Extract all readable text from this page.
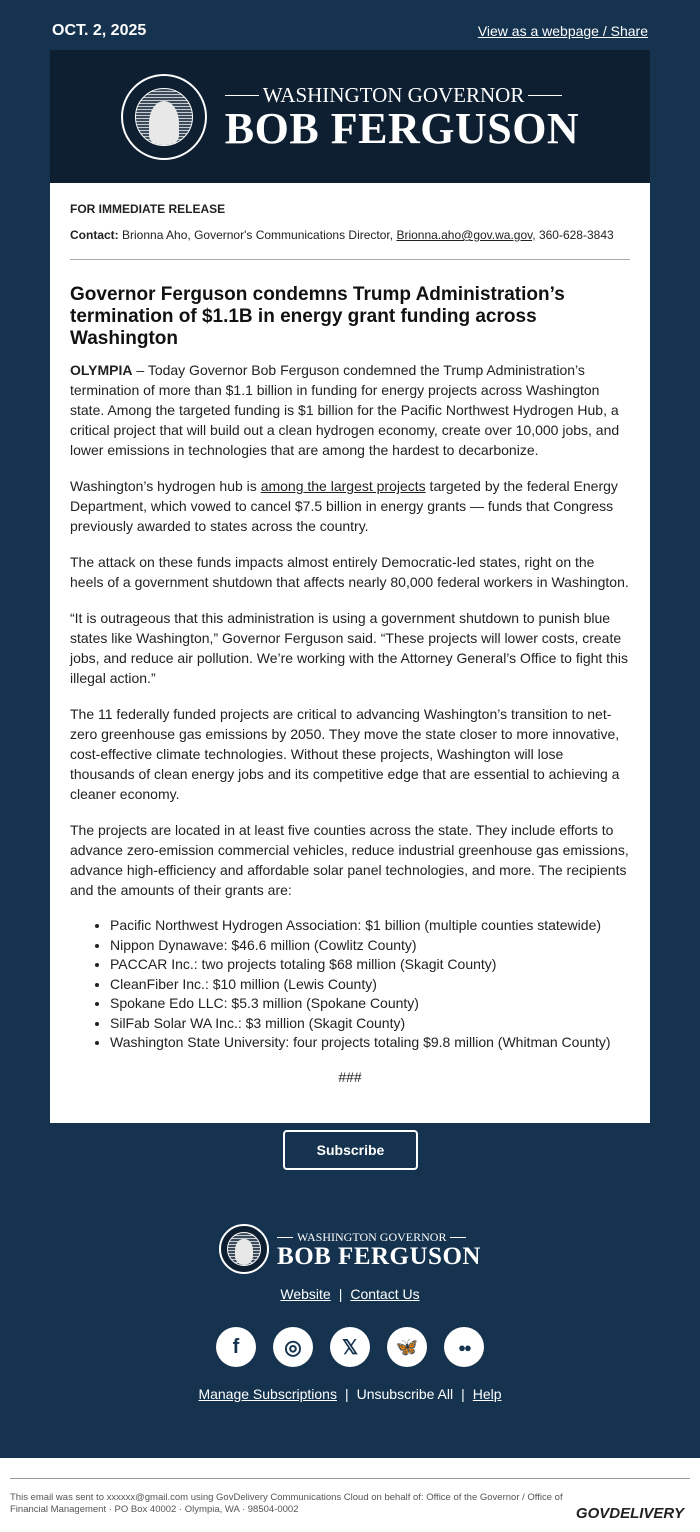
OCT. 2, 2025	View as a webpage / Share
WASHINGTON GOVERNOR
BOB FERGUSON
FOR IMMEDIATE RELEASE
Contact: Brionna Aho, Governor's Communications Director, Brionna.aho@gov.wa.gov, 360-628-3843
Governor Ferguson condemns Trump Administration’s termination of $1.1B in energy grant funding across Washington

OLYMPIA – Today Governor Bob Ferguson condemned the Trump Administration’s termination of more than $1.1 billion in funding for energy projects across Washington state. Among the targeted funding is $1 billion for the Pacific Northwest Hydrogen Hub, a critical project that will build out a clean hydrogen economy, create over 10,000 jobs, and lower emissions in technologies that are among the hardest to decarbonize.

Washington’s hydrogen hub is among the largest projects targeted by the federal Energy Department, which vowed to cancel $7.5 billion in energy grants — funds that Congress previously awarded to states across the country.

The attack on these funds impacts almost entirely Democratic-led states, right on the heels of a government shutdown that affects nearly 80,000 federal workers in Washington.

“It is outrageous that this administration is using a government shutdown to punish blue states like Washington,” Governor Ferguson said. “These projects will lower costs, create jobs, and reduce air pollution. We’re working with the Attorney General’s Office to fight this illegal action.”

The 11 federally funded projects are critical to advancing Washington’s transition to net-zero greenhouse gas emissions by 2050. They move the state closer to more innovative, cost-effective climate technologies. Without these projects, Washington will lose thousands of clean energy jobs and its competitive edge that are essential to achieving a cleaner economy.

The projects are located in at least five counties across the state. They include efforts to advance zero-emission commercial vehicles, reduce industrial greenhouse gas emissions, advance high-efficiency and affordable solar panel technologies, and more. The recipients and the amounts of their grants are:

• Pacific Northwest Hydrogen Association: $1 billion (multiple counties statewide)
• Nippon Dynawave: $46.6 million (Cowlitz County)
• PACCAR Inc.: two projects totaling $68 million (Skagit County)
• CleanFiber Inc.: $10 million (Lewis County)
• Spokane Edo LLC: $5.3 million (Spokane County)
• SilFab Solar WA Inc.: $3 million (Skagit County)
• Washington State University: four projects totaling $9.8 million (Whitman County)
###
Subscribe
WASHINGTON GOVERNOR
BOB FERGUSON
Website | Contact Us
f	◎	𝕏	🦋	●●
Manage Subscriptions | Unsubscribe All | Help

This email was sent to xxxxxx@gmail.com using GovDelivery Communications Cloud on behalf of: Office of the Governor / Office of Financial Management · PO Box 40002 · Olympia, WA · 98504-0002	GOVDELIVERY
